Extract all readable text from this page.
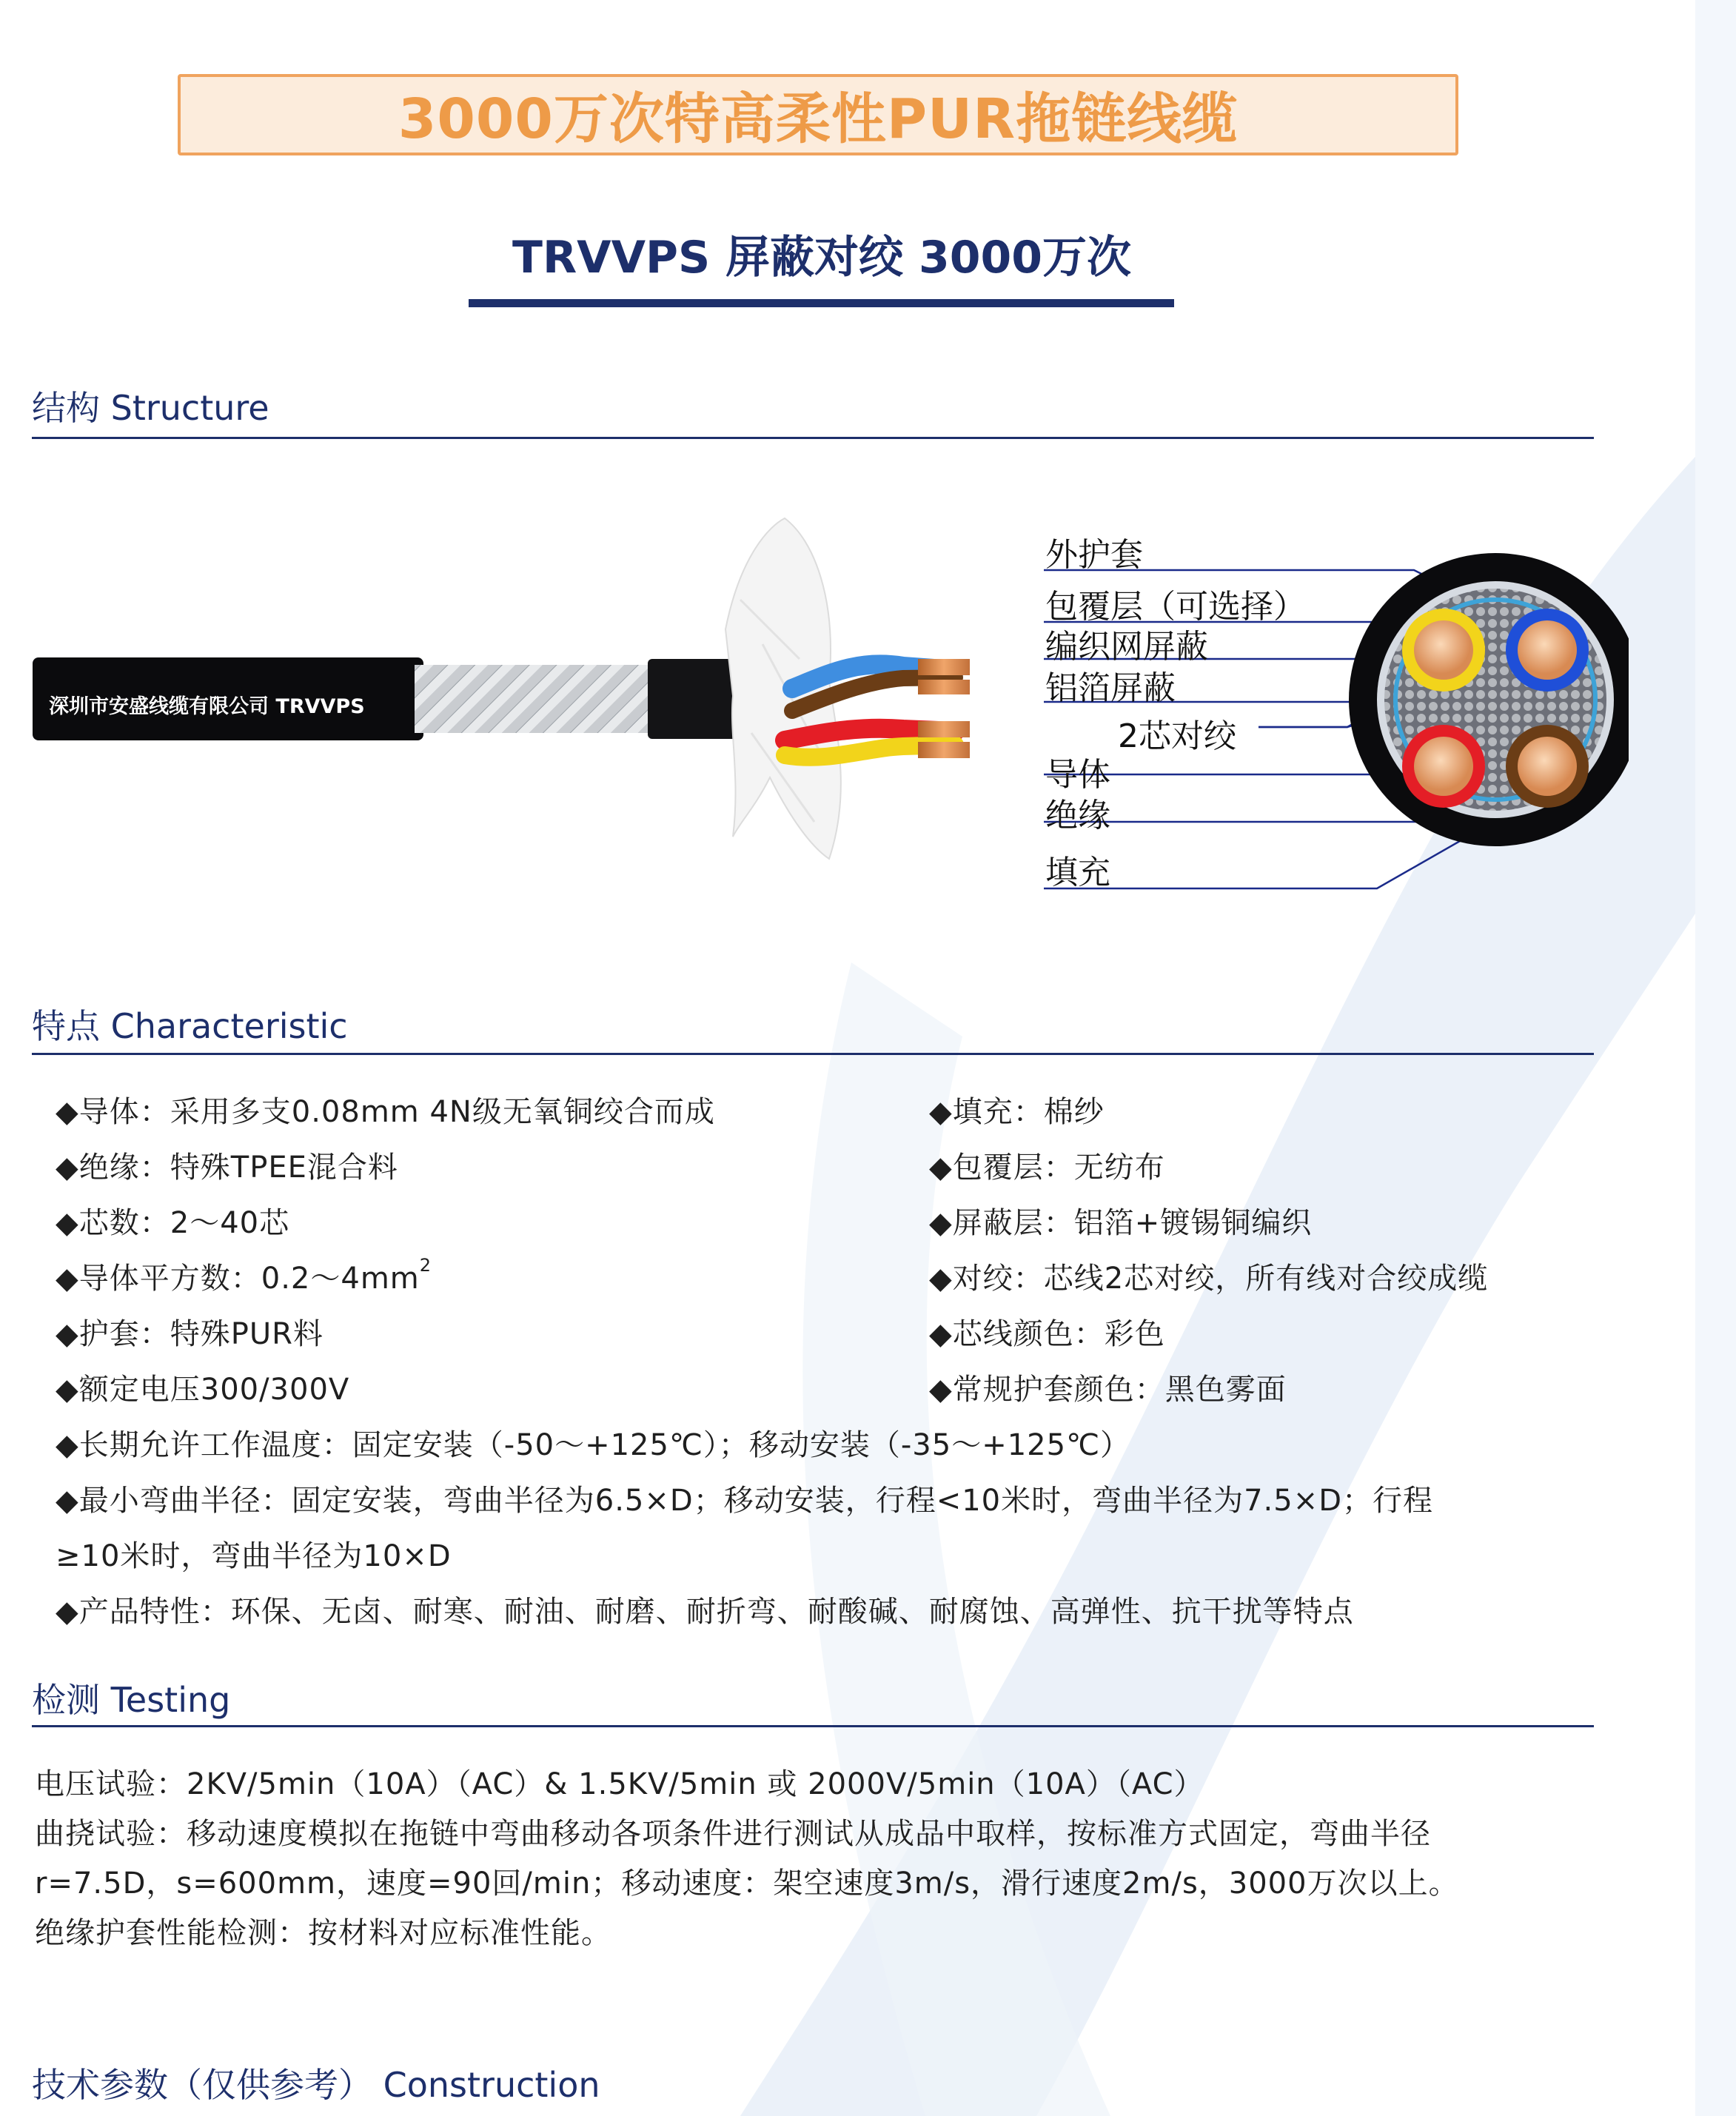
3000万次特高柔性PUR拖链线缆
TRVVPS 屏蔽对绞 3000万次
结构 Structure
深圳市安盛线缆有限公司 TRVVPS
外护套
包覆层（可选择）
编织网屏蔽
铝箔屏蔽
2芯对绞
导体
绝缘
填充
特点 Characteristic
◆导体：采用多支0.08mm 4N级无氧铜绞合而成
◆绝缘：特殊TPEE混合料
◆芯数：2～40芯
◆导体平方数：$0.2\sim 4mm^2$
◆护套：特殊PUR料
◆额定电压300/300V
◆填充：棉纱
◆包覆层：无纺布
◆屏蔽层：铝箔+镀锡铜编织
◆对绞：芯线2芯对绞，所有线对合绞成缆
◆芯线颜色：彩色
◆常规护套颜色：黑色雾面
◆长期允许工作温度：固定安装（-50～+125℃）；移动安装（-35～+125℃）
◆最小弯曲半径：固定安装，弯曲半径为6.5×D；移动安装，行程<10米时，弯曲半径为7.5×D；行程
≥10米时，弯曲半径为10×D
◆产品特性：环保、无卤、耐寒、耐油、耐磨、耐折弯、耐酸碱、耐腐蚀、高弹性、抗干扰等特点
检测 Testing
电压试验：2KV/5min（10A）（AC）& 1.5KV/5min 或 2000V/5min（10A）（AC）
曲挠试验：移动速度模拟在拖链中弯曲移动各项条件进行测试从成品中取样，按标准方式固定，弯曲半径
r=7.5D，s=600mm，速度=90回/min；移动速度：架空速度3m/s，滑行速度2m/s，3000万次以上。
绝缘护套性能检测：按材料对应标准性能。
技术参数（仅供参考） Construction
